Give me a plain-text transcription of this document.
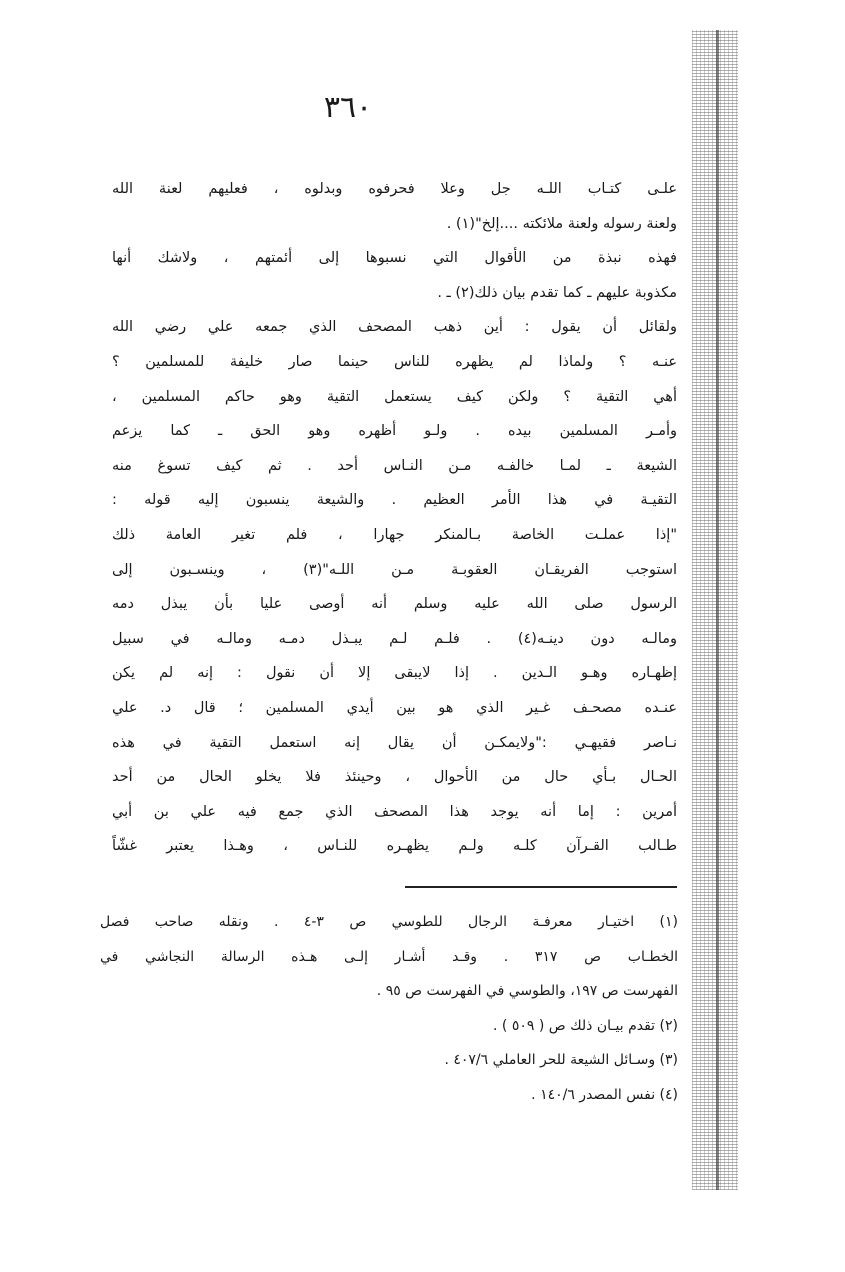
٣٦٠
علـى كتـاب اللـه جل وعلا فحرفوه وبدلوه ، فعليهم لعنة الله
ولعنة رسوله ولعنة ملائكته ....إلخ"(١) .
فهذه نبذة من الأقوال التي نسبوها إلى أئمتهم ، ولاشك أنها
مكذوبة عليهم ـ كما تقدم بيان ذلك(٢) ـ .
ولقائل أن يقول : أين ذهب المصحف الذي جمعه علي رضي الله
عنـه ؟ ولماذا لم يظهره للناس حينما صار خليفة للمسلمين ؟
أهي التقية ؟ ولكن كيف يستعمل التقية وهو حاكم المسلمين ،
وأمـر المسلمين بيده . ولـو أظهره وهو الحق ـ كما يزعم
الشيعة ـ لمـا خالفـه مـن النـاس أحد . ثم كيف تسوغ منه
التقيـة في هذا الأمر العظيم . والشيعة ينسبون إليه قوله :
"إذا عملـت الخاصة بـالمنكر جهارا ، فلم تغير العامة ذلك
استوجب الفريقـان العقوبـة مـن اللـه"(٣) ، وينسـبون إلى
الرسول صلى الله عليه وسلم أنه أوصى عليا بأن يبذل دمه
ومالـه دون دينـه(٤) . فلـم لـم يبـذل دمـه ومالـه في سبيل
إظهـاره وهـو الـدين . إذا لايبقى إلا أن نقول : إنه لم يكن
عنـده مصحـف غـير الذي هو بين أيدي المسلمين ؛ قال د. علي
نـاصر فقيهـي :"ولايمكـن أن يقال إنه استعمل التقية في هذه
الحـال بـأي حال من الأحوال ، وحينئذ فلا يخلو الحال من أحد
أمرين : إما أنه يوجد هذا المصحف الذي جمع فيه علي بن أبي
طـالب القـرآن كلـه ولـم يظهـره للنـاس ، وهـذا يعتبر غشّاً
(١) اختيـار معرفـة الرجال للطوسي ص ٣-٤ . ونقله صاحب فصل
الخطـاب ص ٣١٧ . وقـد أشـار إلـى هـذه الرسالة النجاشي في
الفهرست ص ١٩٧، والطوسي في الفهرست ص ٩٥ .
(٢) تقدم بيـان ذلك ص ( ٥٠٩ ) .
(٣) وسـائل الشيعة للحر العاملي ٤٠٧/٦ .
(٤) نفس المصدر ١٤٠/٦ .
